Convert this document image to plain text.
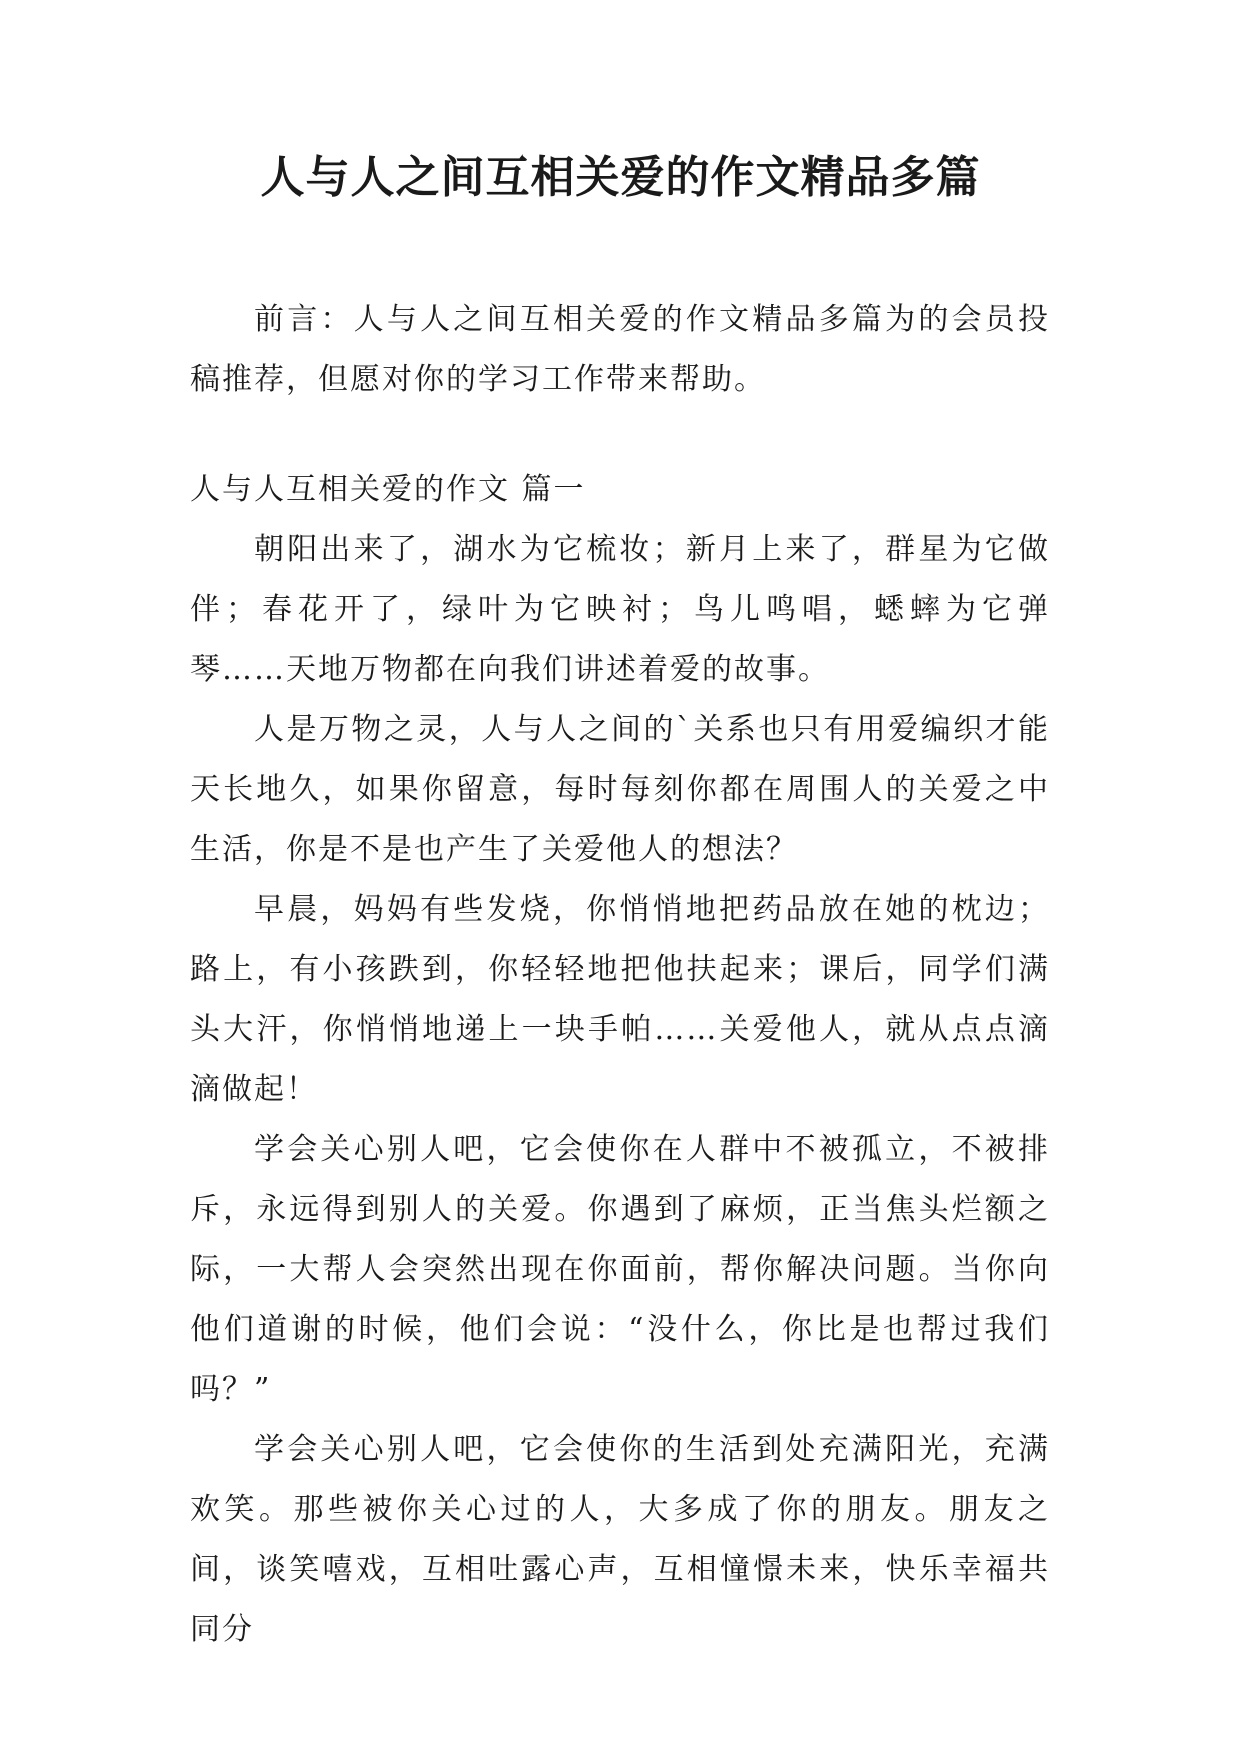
人与人之间互相关爱的作文精品多篇

前言：人与人之间互相关爱的作文精品多篇为的会员投稿推荐，但愿对你的学习工作带来帮助。

人与人互相关爱的作文 篇一

朝阳出来了，湖水为它梳妆；新月上来了，群星为它做伴；春花开了，绿叶为它映衬；鸟儿鸣唱，蟋蟀为它弹琴……天地万物都在向我们讲述着爱的故事。

人是万物之灵，人与人之间的`关系也只有用爱编织才能天长地久，如果你留意，每时每刻你都在周围人的关爱之中生活，你是不是也产生了关爱他人的想法？

早晨，妈妈有些发烧，你悄悄地把药品放在她的枕边；路上，有小孩跌到，你轻轻地把他扶起来；课后，同学们满头大汗，你悄悄地递上一块手帕……关爱他人，就从点点滴滴做起！

学会关心别人吧，它会使你在人群中不被孤立，不被排斥，永远得到别人的关爱。你遇到了麻烦，正当焦头烂额之际，一大帮人会突然出现在你面前，帮你解决问题。当你向他们道谢的时候，他们会说：“没什么，你比是也帮过我们吗？”

学会关心别人吧，它会使你的生活到处充满阳光，充满欢笑。那些被你关心过的人，大多成了你的朋友。朋友之间，谈笑嘻戏，互相吐露心声，互相憧憬未来，快乐幸福共同分
